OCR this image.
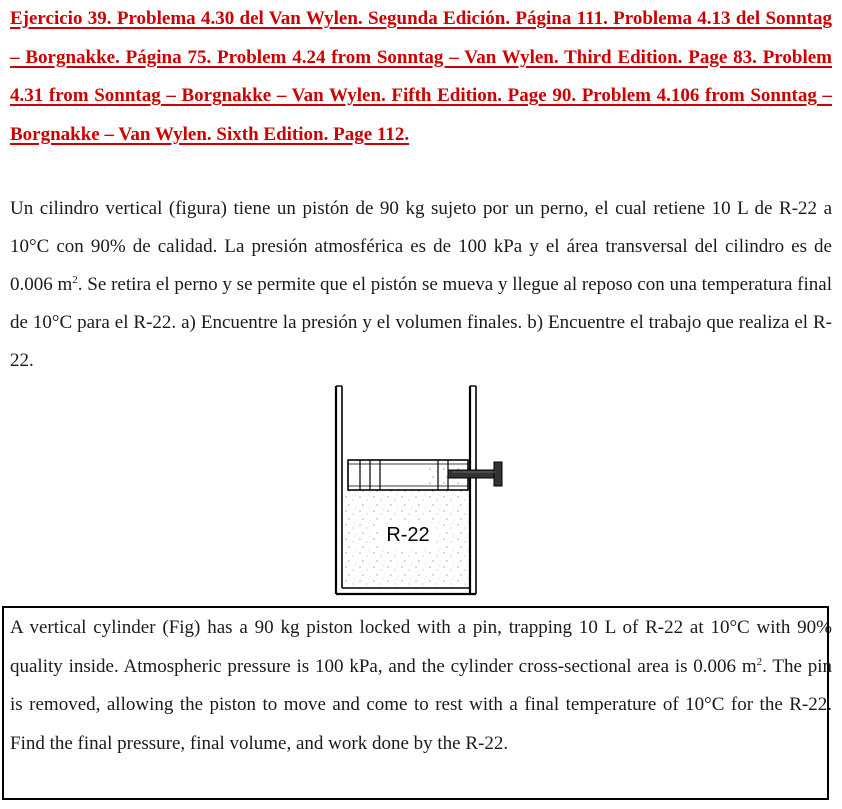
Ejercicio 39. Problema 4.30 del Van Wylen. Segunda Edición. Página 111. Problema 4.13 del Sonntag – Borgnakke. Página 75. Problem 4.24 from Sonntag – Van Wylen. Third Edition. Page 83. Problem 4.31 from Sonntag – Borgnakke – Van Wylen. Fifth Edition. Page 90. Problem 4.106 from Sonntag – Borgnakke – Van Wylen. Sixth Edition. Page 112.

Un cilindro vertical (figura) tiene un pistón de 90 kg sujeto por un perno, el cual retiene 10 L de R-22 a 10°C con 90% de calidad. La presión atmosférica es de 100 kPa y el área transversal del cilindro es de 0.006 $m^2$. Se retira el perno y se permite que el pistón se mueva y llegue al reposo con una temperatura final de 10°C para el R-22. a) Encuentre la presión y el volumen finales. b) Encuentre el trabajo que realiza el R-22.

R-22

A vertical cylinder (Fig) has a 90 kg piston locked with a pin, trapping 10 L of R-22 at 10°C with 90% quality inside. Atmospheric pressure is 100 kPa, and the cylinder cross-sectional area is 0.006 $m^2$. The pin is removed, allowing the piston to move and come to rest with a final temperature of 10°C for the R-22. Find the final pressure, final volume, and work done by the R-22.
